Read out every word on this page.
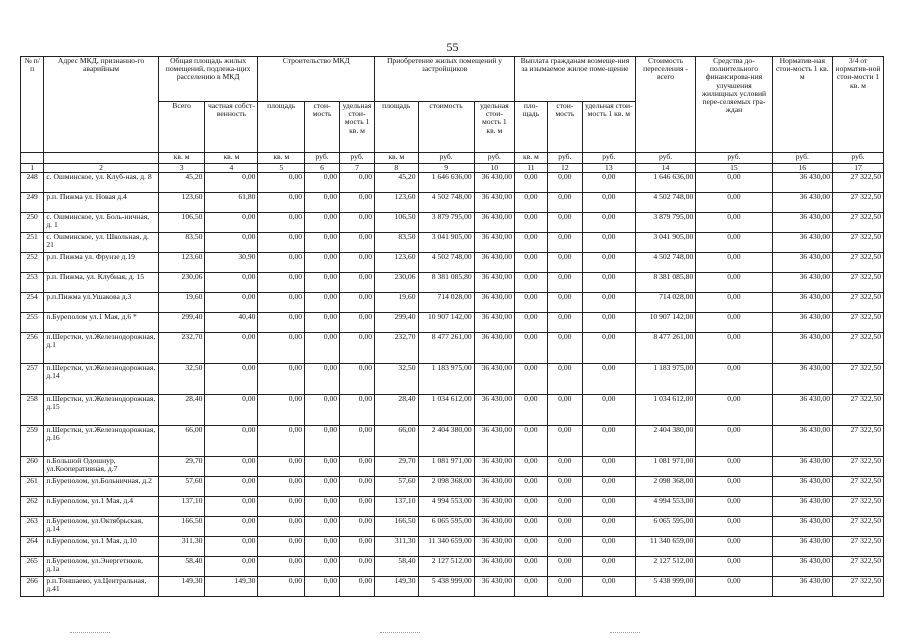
55
№ п/п	Адрес МКД, признанно-го аварийным	Общая площадь жилых помещений, подлежа-щих расселению в МКД		Строительство МКД			Приобретение жилых помещений у застройщиков			Выплата гражданам возмеще-ния за изымаемое жилое поме-щение			Стоимость переселения - всего	Средства до-полнительного финансирова-ния улучшения жилищных условий пере-селяемых гра-ждан	Норматив-ная стои-мость 1 кв. м	3/4 от норматив-ной стои-мости 1 кв. м
		Всего	частная собст-венность	площадь	стои-мость	удельная стои-мость 1 кв. м	площадь	стоимость	удельная стои-мость 1 кв. м	пло-щадь	стои-мость	удельная стои-мость 1 кв. м				
		кв. м	кв. м	кв. м	руб.	руб.	кв. м	руб.	руб.	кв. м	руб.	руб.	руб.	руб.	руб.	руб.
1	2	3	4	5	6	7	8	9	10	11	12	13	14	15	16	17
248	с. Ошминское, ул. Клуб-ная, д. 8	45,20	0,00	0,00	0,00	0,00	45,20	1 646 636,00	36 430,00	0,00	0,00	0,00	1 646 636,00	0,00	36 430,00	27 322,50
249	р.п. Пижма ул. Новая д.4	123,60	61,80	0,00	0,00	0,00	123,60	4 502 748,00	36 430,00	0,00	0,00	0,00	4 502 748,00	0,00	36 430,00	27 322,50
250	с. Ошминское, ул. Боль-ничная, д. 1	106,50	0,00	0,00	0,00	0,00	106,50	3 879 795,00	36 430,00	0,00	0,00	0,00	3 879 795,00	0,00	36 430,00	27 322,50
251	с. Ошминское, ул. Школьная, д. 21	83,50	0,00	0,00	0,00	0,00	83,50	3 041 905,00	36 430,00	0,00	0,00	0,00	3 041 905,00	0,00	36 430,00	27 322,50
252	р.п. Пижма ул. Фрунзе д.19	123,60	30,90	0,00	0,00	0,00	123,60	4 502 748,00	36 430,00	0,00	0,00	0,00	4 502 748,00	0,00	36 430,00	27 322,50
253	р.п. Пижма, ул. Клубная, д. 15	230,06	0,00	0,00	0,00	0,00	230,06	8 381 085,80	36 430,00	0,00	0,00	0,00	8 381 085,80	0,00	36 430,00	27 322,50
254	р.п.Пижма ул.Ушакова д.3	19,60	0,00	0,00	0,00	0,00	19,60	714 028,00	36 430,00	0,00	0,00	0,00	714 028,00	0,00	36 430,00	27 322,50
255	п.Буреполом ул.1 Мая, д.6 *	299,40	40,40	0,00	0,00	0,00	299,40	10 907 142,00	36 430,00	0,00	0,00	0,00	10 907 142,00	0,00	36 430,00	27 322,50
256	п.Шерстки, ул.Железнодорожная, д.1	232,70	0,00	0,00	0,00	0,00	232,70	8 477 261,00	36 430,00	0,00	0,00	0,00	8 477 261,00	0,00	36 430,00	27 322,50
257	п.Шерстки, ул.Железнодорожная, д.14	32,50	0,00	0,00	0,00	0,00	32,50	1 183 975,00	36 430,00	0,00	0,00	0,00	1 183 975,00	0,00	36 430,00	27 322,50
258	п.Шерстки, ул.Железнодорожная, д.15	28,40	0,00	0,00	0,00	0,00	28,40	1 034 612,00	36 430,00	0,00	0,00	0,00	1 034 612,00	0,00	36 430,00	27 322,50
259	п.Шерстки, ул.Железнодорожная, д.16	66,00	0,00	0,00	0,00	0,00	66,00	2 404 380,00	36 430,00	0,00	0,00	0,00	2 404 380,00	0,00	36 430,00	27 322,50
260	п.Большой Одошнур, ул.Кооперативная, д.7	29,70	0,00	0,00	0,00	0,00	29,70	1 081 971,00	36 430,00	0,00	0,00	0,00	1 081 971,00	0,00	36 430,00	27 322,50
261	п.Буреполом, ул.Больничная, д.2	57,60	0,00	0,00	0,00	0,00	57,60	2 098 368,00	36 430,00	0,00	0,00	0,00	2 098 368,00	0,00	36 430,00	27 322,50
262	п.Буреполом, ул.1 Мая, д.4	137,10	0,00	0,00	0,00	0,00	137,10	4 994 553,00	36 430,00	0,00	0,00	0,00	4 994 553,00	0,00	36 430,00	27 322,50
263	п.Буреполом, ул.Октябрьская, д.14	166,50	0,00	0,00	0,00	0,00	166,50	6 065 595,00	36 430,00	0,00	0,00	0,00	6 065 595,00	0,00	36 430,00	27 322,50
264	п.Буреполом, ул.1 Мая, д.10	311,30	0,00	0,00	0,00	0,00	311,30	11 340 659,00	36 430,00	0,00	0,00	0,00	11 340 659,00	0,00	36 430,00	27 322,50
265	п.Буреполом, ул.Энергетиков, д.1а	58,40	0,00	0,00	0,00	0,00	58,40	2 127 512,00	36 430,00	0,00	0,00	0,00	2 127 512,00	0,00	36 430,00	27 322,50
266	р.п.Тоншаево, ул.Центральная, д.41	149,30	149,30	0,00	0,00	0,00	149,30	5 438 999,00	36 430,00	0,00	0,00	0,00	5 438 999,00	0,00	36 430,00	27 322,50
